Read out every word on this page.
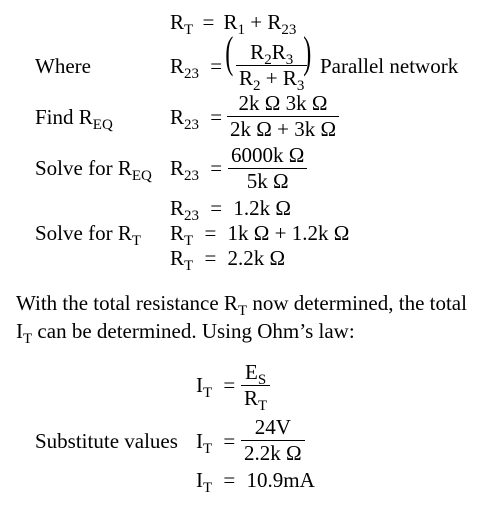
$R_T = R_1 + R_{23}$
Where	$R_{23}$ = ( $R_2R_3$
$R_2 + R_3$
) Parallel network
Find $R_{EQ}$	$R_{23}$ =
2k Ω 3k Ω
2k Ω + 3k Ω
Solve for $R_{EQ}$ $R_{23}$ =
6000k Ω
5k Ω
$R_{23} = 1.2k$ Ω
Solve for $R_T$ $R_T = 1k$ Ω + 1.2k Ω
$R_T = 2.2k$ Ω
With the total resistance $R_T$ now determined, the total
$I_T$ can be determined. Using Ohm’s law:
$I_T$ =
$E_S$
$R_T$
Substitute values $I_T$ =
24V
2.2k Ω
$I_T = 10.9mA$
